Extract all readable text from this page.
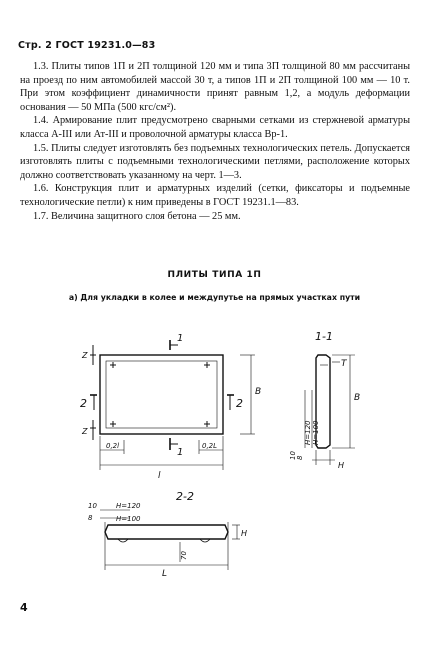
Стр. 2 ГОСТ 19231.0—83

1.3. Плиты типов 1П и 2П толщиной 120 мм и типа 3П толщиной 80 мм рассчитаны на проезд по ним автомобилей массой 30 т, а типов 1П и 2П толщиной 100 мм — 10 т. При этом коэффициент динамичности принят равным 1,2, а модуль деформации основания — 50 МПа (500 кгс/см²).

1.4. Армирование плит предусмотрено сварными сетками из стержневой арматуры класса А-III или Ат-III и проволочной арматуры класса Вр-1.

1.5. Плиты следует изготовлять без подъемных технологических петель. Допускается изготовлять плиты с подъемными технологическими петлями, расположение которых должно соответствовать указанному на черт. 1—3.

1.6. Конструкция плит и арматурных изделий (сетки, фиксаторы и подъемные технологические петли) к ним приведены в ГОСТ 19231.1—83.

1.7. Величина защитного слоя бетона — 25 мм.

ПЛИТЫ ТИПА 1П
а) Для укладки в колее и междупутье на прямых участках пути
1
1
1-1
2	2
Z
Z
0,2l	0,2L
l
B
B
T
H
H=120 H=100
10 8
2-2
10
8
H=120
H=100
70
H
L
4
